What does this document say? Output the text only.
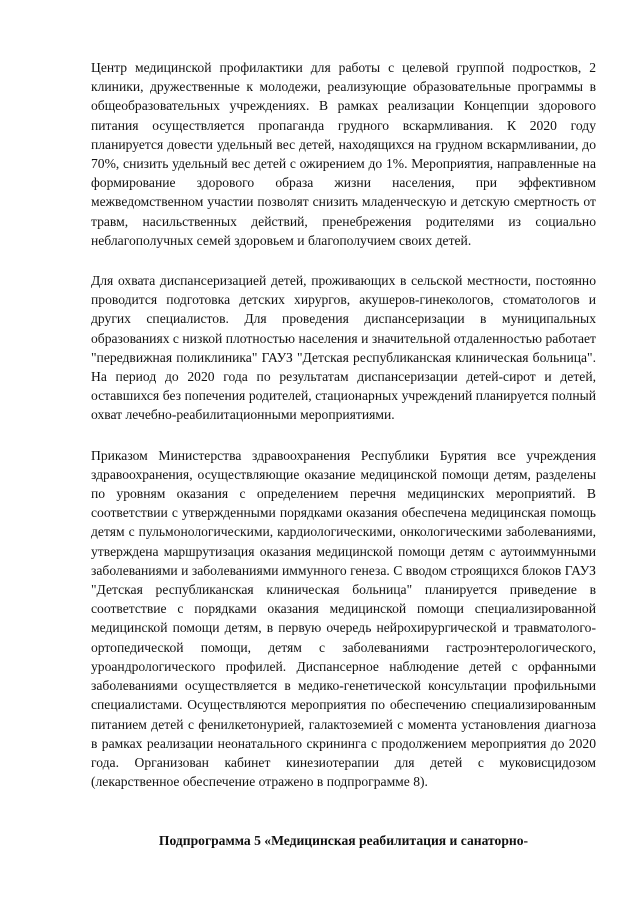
Центр медицинской профилактики для работы с целевой группой подростков, 2 клиники, дружественные к молодежи, реализующие образовательные программы в общеобразовательных учреждениях. В рамках реализации Концепции здорового питания осуществляется пропаганда грудного вскармливания. К 2020 году планируется довести удельный вес детей, находящихся на грудном вскармливании, до 70%, снизить удельный вес детей с ожирением до 1%. Мероприятия, направленные на формирование здорового образа жизни населения, при эффективном межведомственном участии позволят снизить младенческую и детскую смертность от травм, насильственных действий, пренебрежения родителями из социально неблагополучных семей здоровьем и благополучием своих детей.

Для охвата диспансеризацией детей, проживающих в сельской местности, постоянно проводится подготовка детских хирургов, акушеров-гинекологов, стоматологов и других специалистов. Для проведения диспансеризации в муниципальных образованиях с низкой плотностью населения и значительной отдаленностью работает "передвижная поликлиника" ГАУЗ "Детская республиканская клиническая больница". На период до 2020 года по результатам диспансеризации детей-сирот и детей, оставшихся без попечения родителей, стационарных учреждений планируется полный охват лечебно-реабилитационными мероприятиями.

Приказом Министерства здравоохранения Республики Бурятия все учреждения здравоохранения, осуществляющие оказание медицинской помощи детям, разделены по уровням оказания с определением перечня медицинских мероприятий. В соответствии с утвержденными порядками оказания обеспечена медицинская помощь детям с пульмонологическими, кардиологическими, онкологическими заболеваниями, утверждена маршрутизация оказания медицинской помощи детям с аутоиммунными заболеваниями и заболеваниями иммунного генеза. С вводом строящихся блоков ГАУЗ "Детская республиканская клиническая больница" планируется приведение в соответствие с порядками оказания медицинской помощи специализированной медицинской помощи детям, в первую очередь нейрохирургической и травматолого-ортопедической помощи, детям с заболеваниями гастроэнтерологического, уроандрологического профилей. Диспансерное наблюдение детей с орфанными заболеваниями осуществляется в медико-генетической консультации профильными специалистами. Осуществляются мероприятия по обеспечению специализированным питанием детей с фенилкетонурией, галактоземией с момента установления диагноза в рамках реализации неонатального скрининга с продолжением мероприятия до 2020 года. Организован кабинет кинезиотерапии для детей с муковисцидозом (лекарственное обеспечение отражено в подпрограмме 8).

Подпрограмма 5 «Медицинская реабилитация и санаторно-
